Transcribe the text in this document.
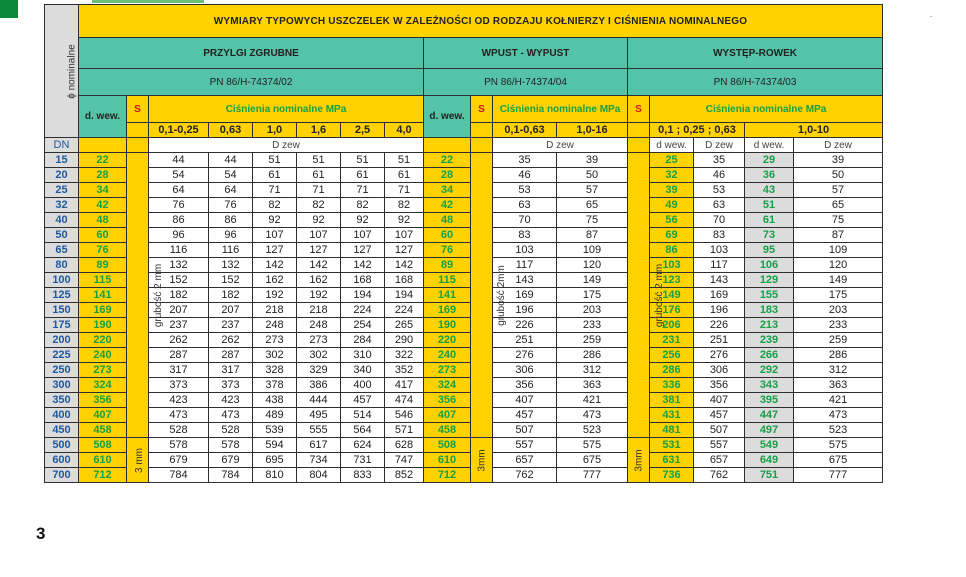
.
ɸ nominalne	WYMIARY TYPOWYCH USZCZELEK W ZALEŻNOŚCI OD RODZAJU KOŁNIERZY I CIŚNIENIA NOMINALNEGO																
	PRZYLGI ZGRUBNE								WPUST - WYPUST				WYSTĘP-ROWEK				
	PN 86/H-74374/02								PN 86/H-74374/04				PN 86/H-74374/03				
	d. wew.	S	Ciśnienia nominalne MPa						d. wew.	S	Ciśnienia nominalne MPa		S	Ciśnienia nominalne MPa			
			0,1-0,25	0,63	1,0	1,6	2,5	4,0			0,1-0,63	1,0-16		0,1 ; 0,25 ; 0,63		1,0-10	
DN			D zew								D zew			d wew.	D zew	d wew.	D zew
15	22	grubość 2 mm	44	44	51	51	51	51	22	grubość 2mm	35	39	grubość 2 mm	25	35	29	39
20	28		54	54	61	61	61	61	28		46	50		32	46	36	50
25	34		64	64	71	71	71	71	34		53	57		39	53	43	57
32	42		76	76	82	82	82	82	42		63	65		49	63	51	65
40	48		86	86	92	92	92	92	48		70	75		56	70	61	75
50	60		96	96	107	107	107	107	60		83	87		69	83	73	87
65	76		116	116	127	127	127	127	76		103	109		86	103	95	109
80	89		132	132	142	142	142	142	89		117	120		103	117	106	120
100	115		152	152	162	162	168	168	115		143	149		123	143	129	149
125	141		182	182	192	192	194	194	141		169	175		149	169	155	175
150	169		207	207	218	218	224	224	169		196	203		176	196	183	203
175	190		237	237	248	248	254	265	190		226	233		206	226	213	233
200	220		262	262	273	273	284	290	220		251	259		231	251	239	259
225	240		287	287	302	302	310	322	240		276	286		256	276	266	286
250	273		317	317	328	329	340	352	273		306	312		286	306	292	312
300	324		373	373	378	386	400	417	324		356	363		336	356	343	363
350	356		423	423	438	444	457	474	356		407	421		381	407	395	421
400	407		473	473	489	495	514	546	407		457	473		431	457	447	473
450	458		528	528	539	555	564	571	458		507	523		481	507	497	523
500	508	3 mm	578	578	594	617	624	628	508	3mm	557	575	3mm	531	557	549	575
600	610		679	679	695	734	731	747	610		657	675		631	657	649	675
700	712		784	784	810	804	833	852	712		762	777		736	762	751	777
3
